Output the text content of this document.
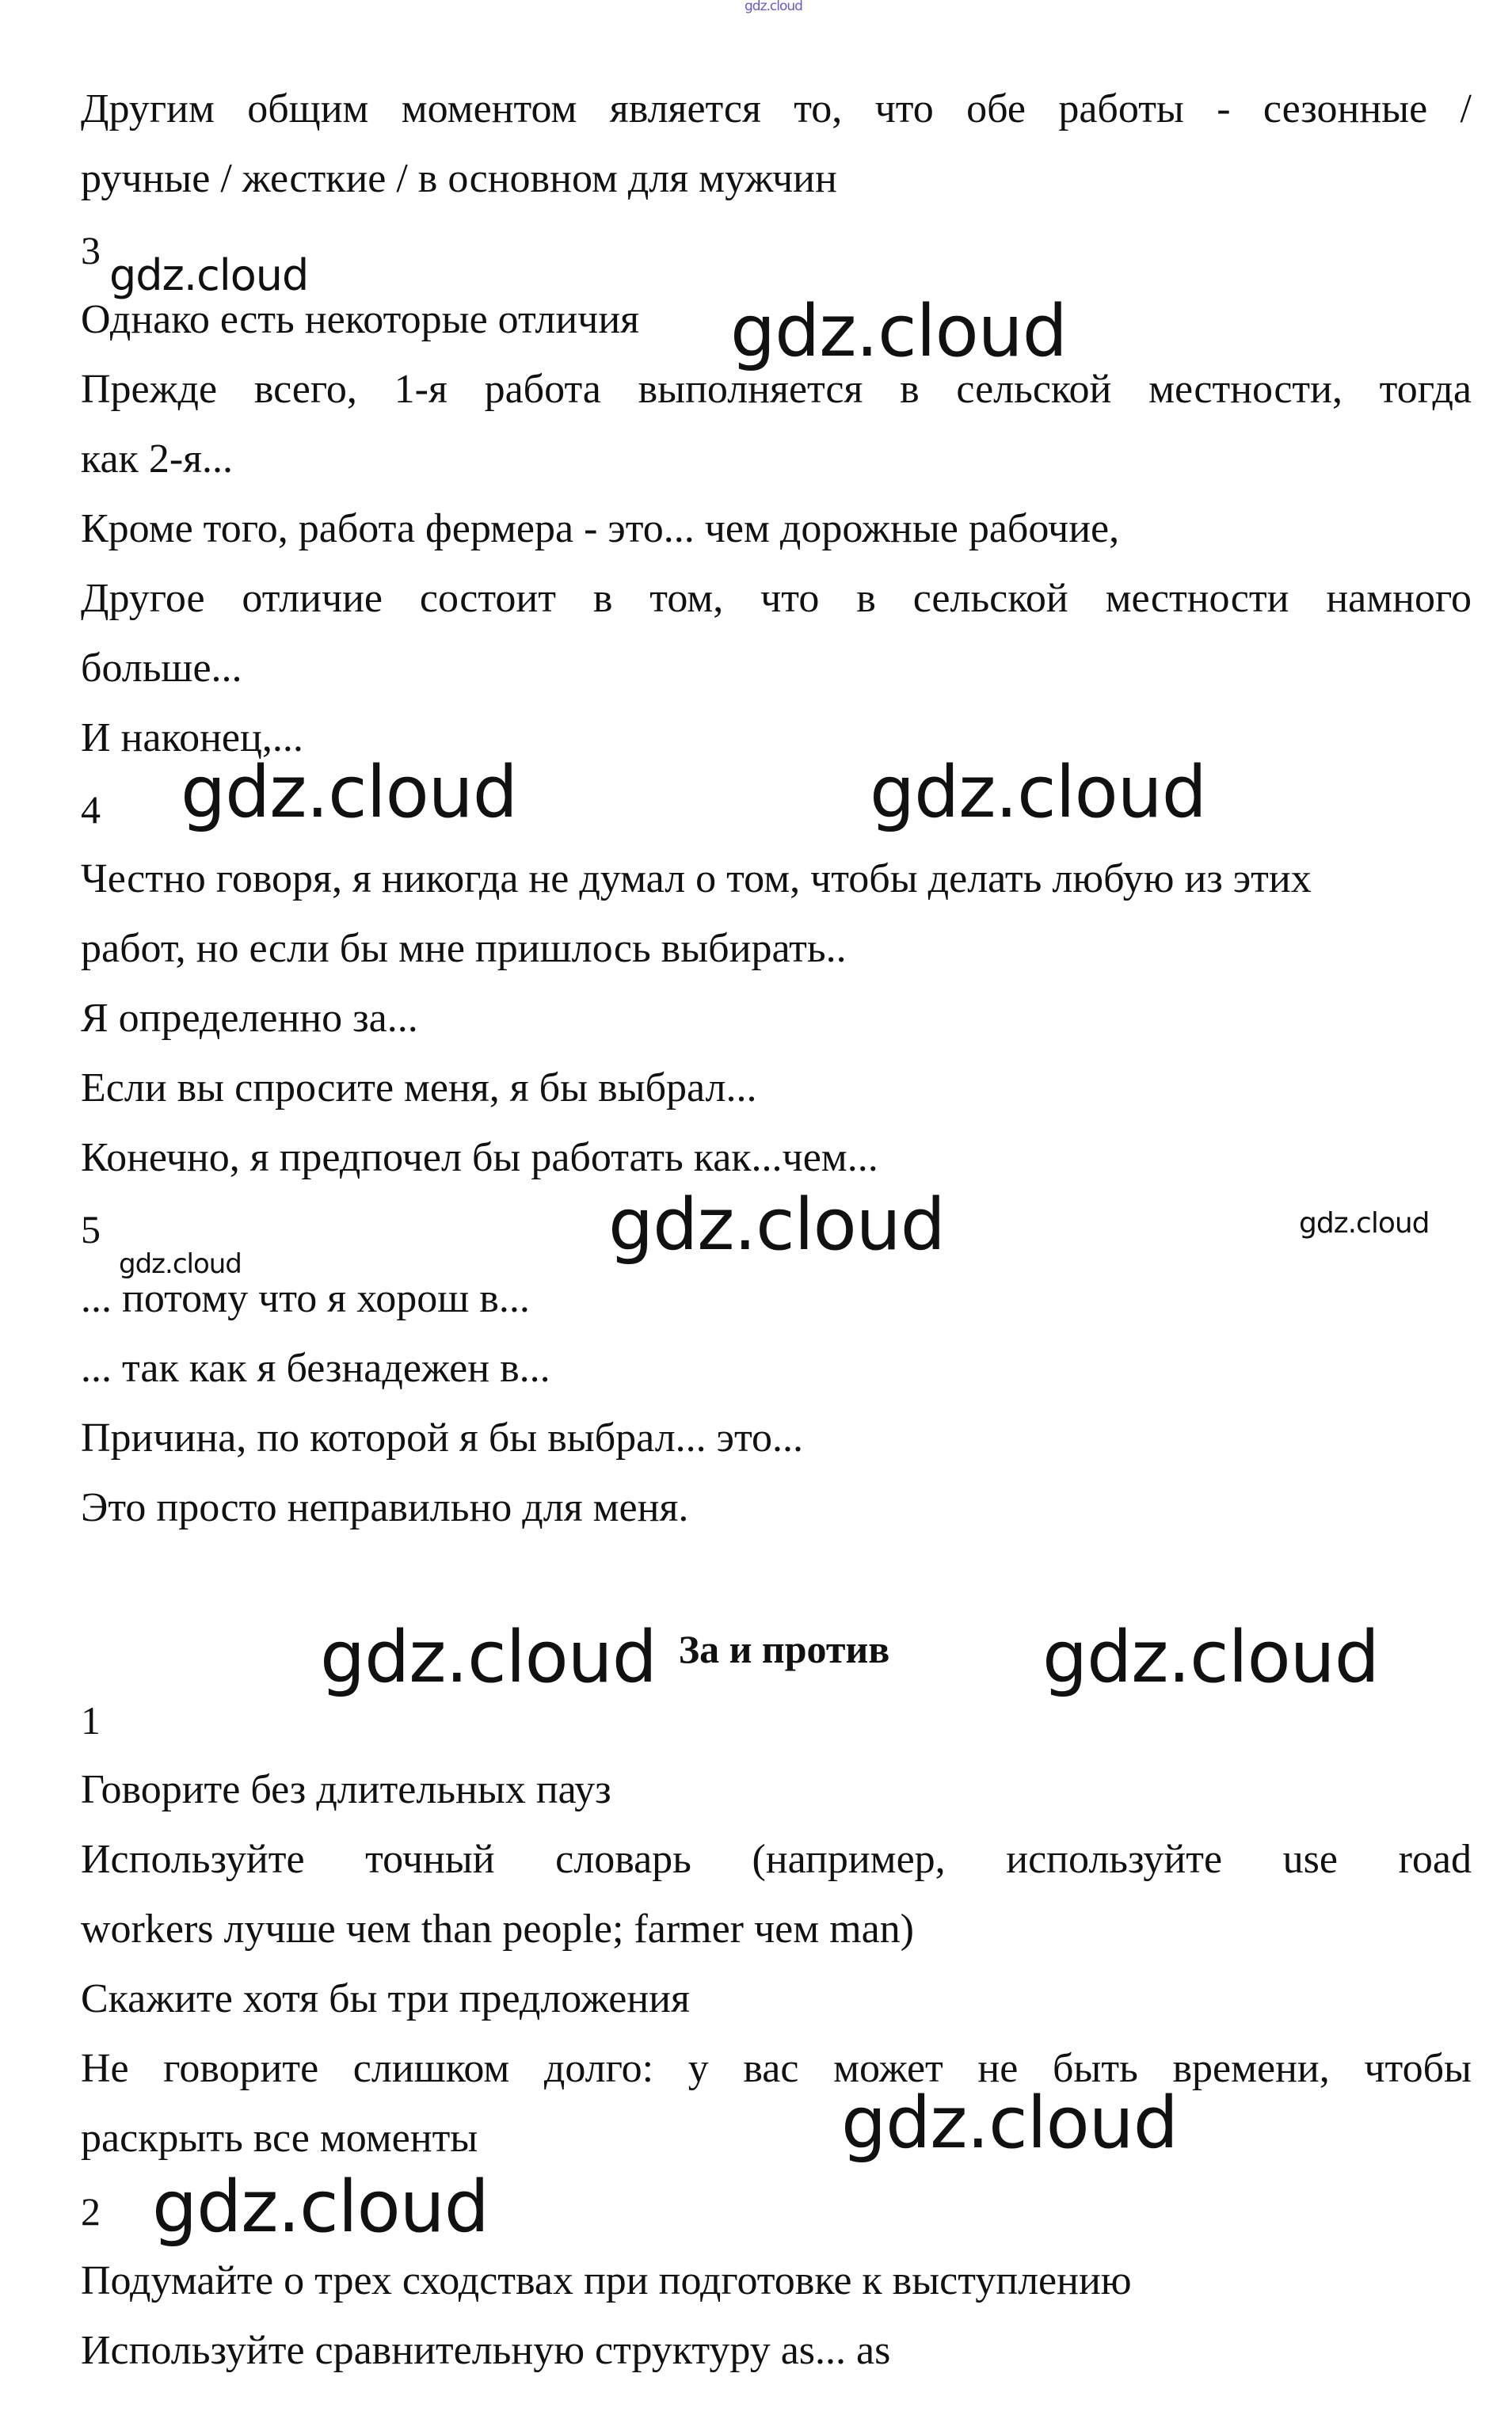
gdz.cloud
Другим общим моментом является то, что обе работы - сезонные /
ручные / жесткие / в основном для мужчин
3
Однако есть некоторые отличия
Прежде всего, 1-я работа выполняется в сельской местности, тогда
как 2-я...
Кроме того, работа фермера - это... чем дорожные рабочие,
Другое отличие состоит в том, что в сельской местности намного
больше...
И наконец,...
4
Честно говоря, я никогда не думал о том, чтобы делать любую из этих
работ, но если бы мне пришлось выбирать..
Я определенно за...
Если вы спросите меня, я бы выбрал...
Конечно, я предпочел бы работать как...чем...
5
... потому что я хорош в...
... так как я безнадежен в...
Причина, по которой я бы выбрал... это...
Это просто неправильно для меня.
За и против
1
Говорите без длительных пауз
Используйте точный словарь (например, используйте use road
workers лучше чем than people; farmer чем man)
Скажите хотя бы три предложения
Не говорите слишком долго: у вас может не быть времени, чтобы
раскрыть все моменты
2
Подумайте о трех сходствах при подготовке к выступлению
Используйте сравнительную структуру as... as
gdz.cloud
gdz.cloud
gdz.cloud	gdz.cloud
gdz.cloud
gdz.cloud
gdz.cloud
gdz.cloud	gdz.cloud
gdz.cloud
gdz.cloud
